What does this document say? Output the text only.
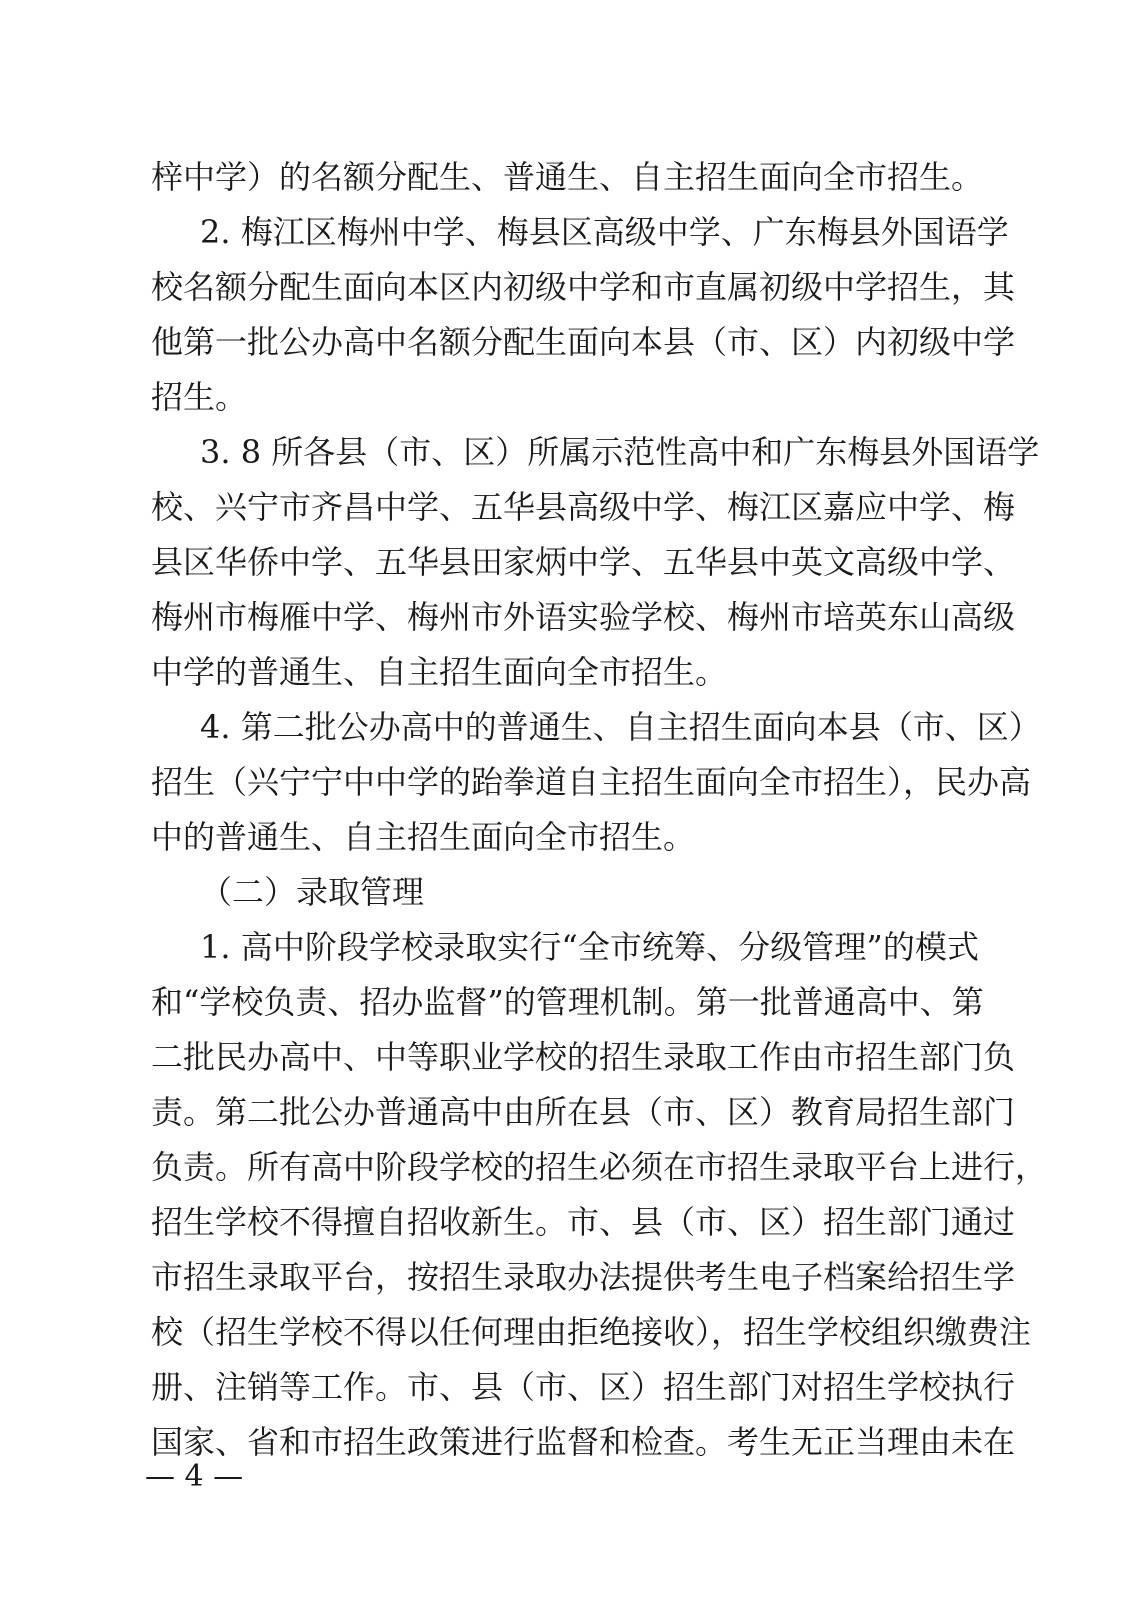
梓中学）的名额分配生、普通生、自主招生面向全市招生。
2. 梅江区梅州中学、梅县区高级中学、广东梅县外国语学
校名额分配生面向本区内初级中学和市直属初级中学招生，其
他第一批公办高中名额分配生面向本县（市、区）内初级中学
招生。
3. 8 所各县（市、区）所属示范性高中和广东梅县外国语学
校、兴宁市齐昌中学、五华县高级中学、梅江区嘉应中学、梅
县区华侨中学、五华县田家炳中学、五华县中英文高级中学、
梅州市梅雁中学、梅州市外语实验学校、梅州市培英东山高级
中学的普通生、自主招生面向全市招生。
4. 第二批公办高中的普通生、自主招生面向本县（市、区）
招生（兴宁宁中中学的跆拳道自主招生面向全市招生），民办高
中的普通生、自主招生面向全市招生。
（二）录取管理
1. 高中阶段学校录取实行“全市统筹、分级管理”的模式
和“学校负责、招办监督”的管理机制。第一批普通高中、第
二批民办高中、中等职业学校的招生录取工作由市招生部门负
责。第二批公办普通高中由所在县（市、区）教育局招生部门
负责。所有高中阶段学校的招生必须在市招生录取平台上进行，
招生学校不得擅自招收新生。市、县（市、区）招生部门通过
市招生录取平台，按招生录取办法提供考生电子档案给招生学
校（招生学校不得以任何理由拒绝接收），招生学校组织缴费注
册、注销等工作。市、县（市、区）招生部门对招生学校执行
国家、省和市招生政策进行监督和检查。考生无正当理由未在
— 4 —
